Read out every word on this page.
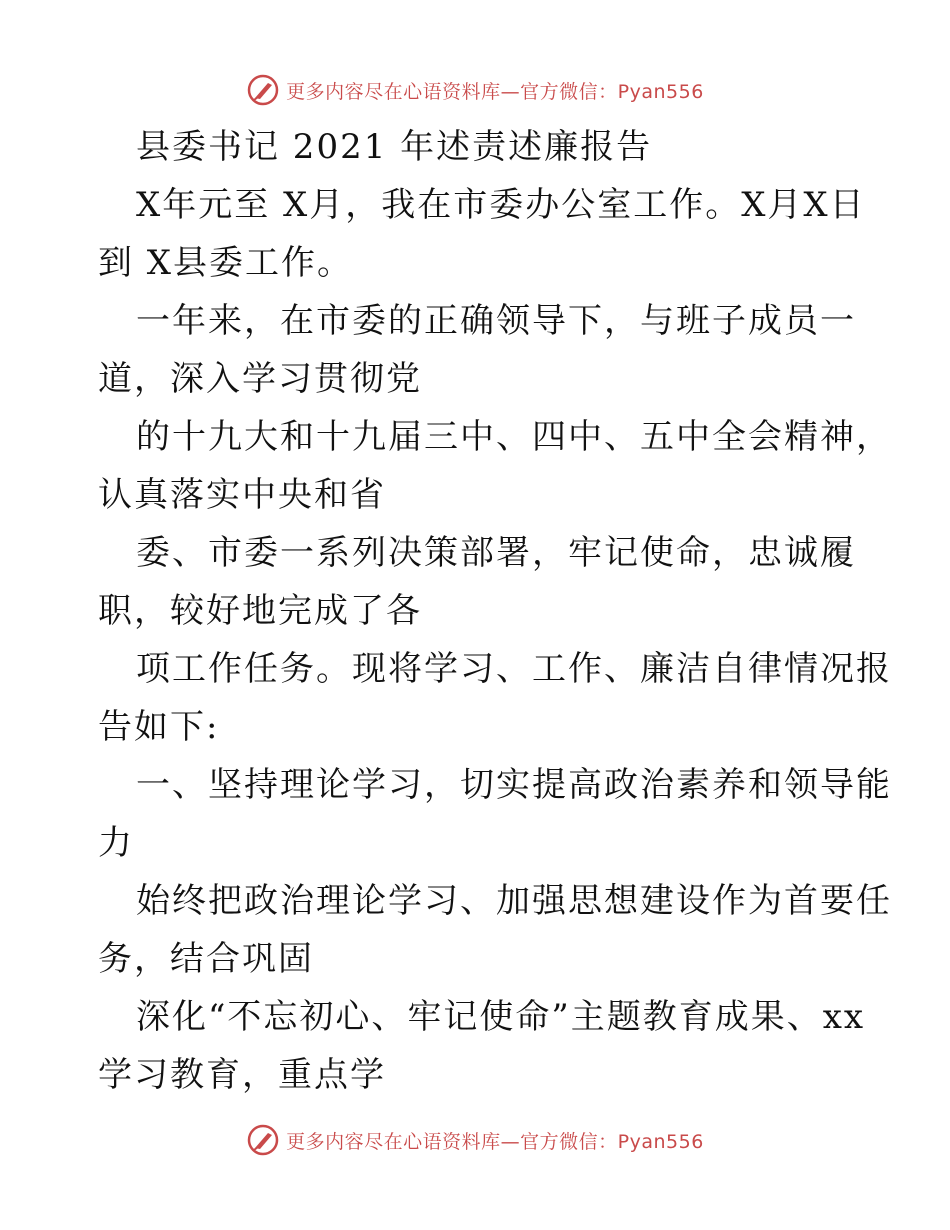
更多内容尽在心语资料库—官方微信：Pyan556
县委书记 2021 年述责述廉报告
X年元至 X月，我在市委办公室工作。X月X日
到 X县委工作。
一年来，在市委的正确领导下，与班子成员一
道，深入学习贯彻党
的十九大和十九届三中、四中、五中全会精神，
认真落实中央和省
委、市委一系列决策部署，牢记使命，忠诚履
职，较好地完成了各
项工作任务。现将学习、工作、廉洁自律情况报
告如下:
一、坚持理论学习，切实提高政治素养和领导能
力
始终把政治理论学习、加强思想建设作为首要任
务，结合巩固
深化“不忘初心、牢记使命”主题教育成果、xx
学习教育，重点学
更多内容尽在心语资料库—官方微信：Pyan556
